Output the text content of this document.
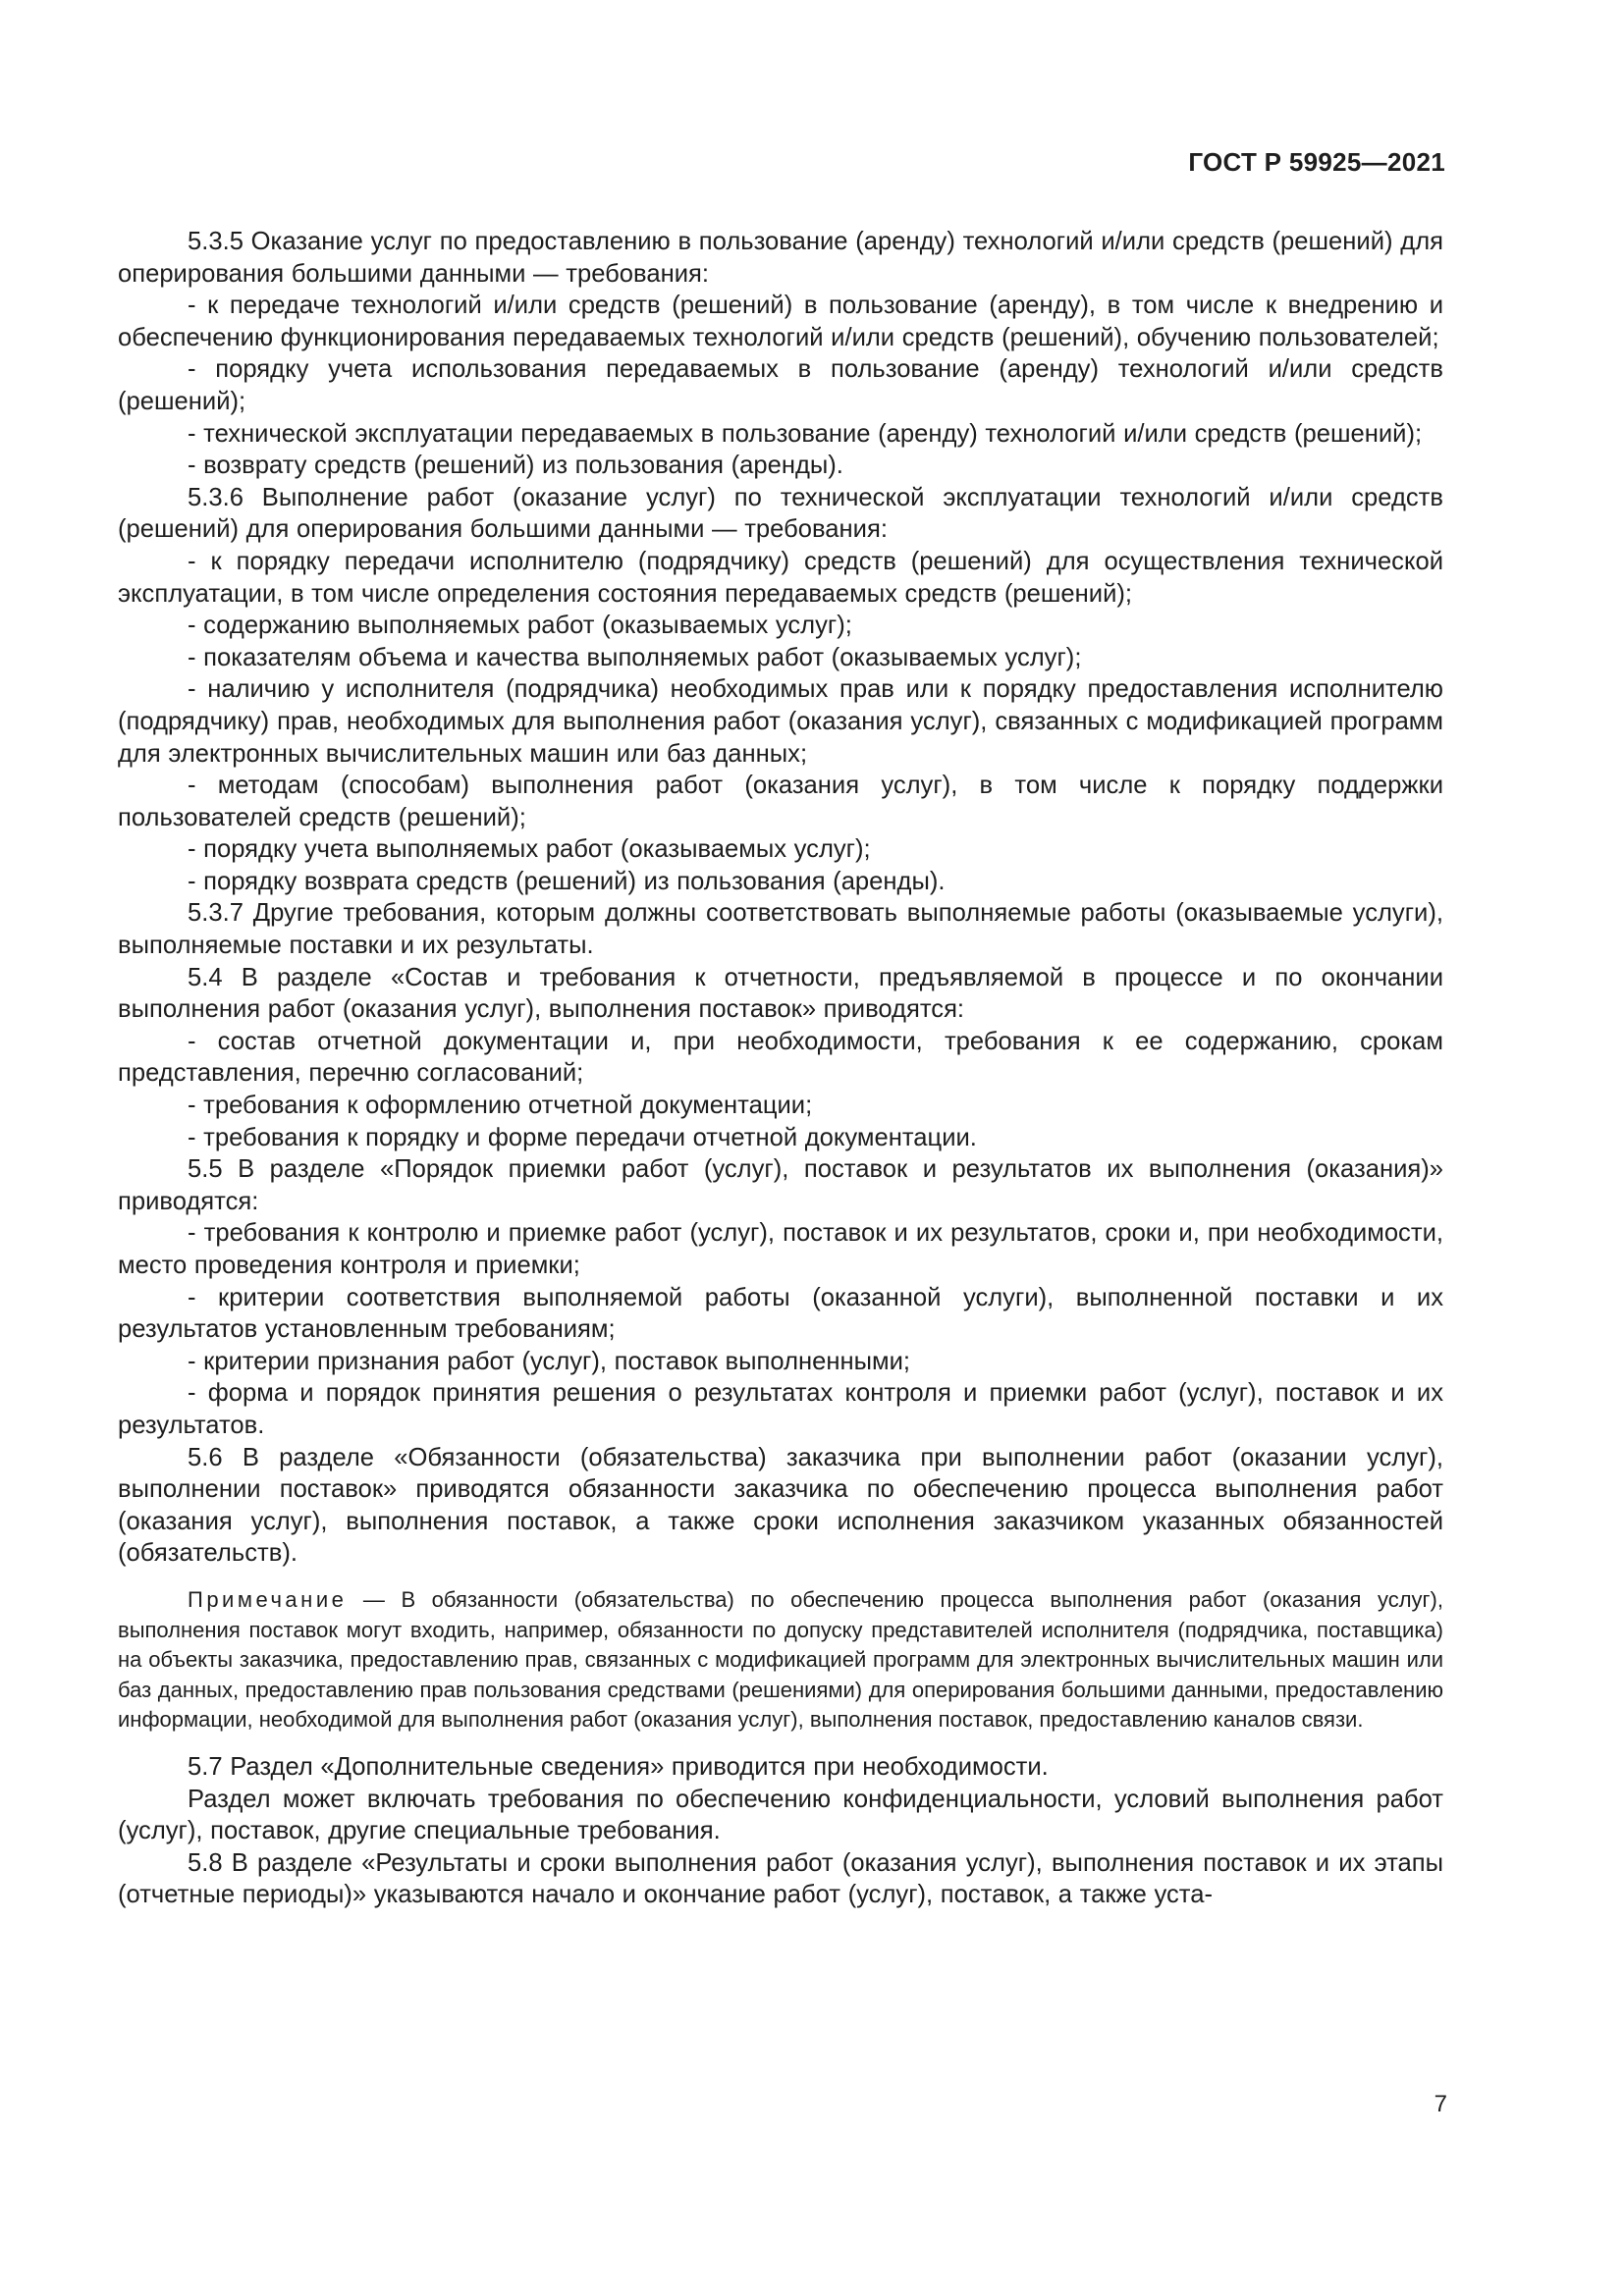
ГОСТ Р 59925—2021

5.3.5 Оказание услуг по предоставлению в пользование (аренду) технологий и/или средств (решений) для оперирования большими данными — требования:

- к передаче технологий и/или средств (решений) в пользование (аренду), в том числе к внедрению и обеспечению функционирования передаваемых технологий и/или средств (решений), обучению пользователей;

- порядку учета использования передаваемых в пользование (аренду) технологий и/или средств (решений);

- технической эксплуатации передаваемых в пользование (аренду) технологий и/или средств (решений);

- возврату средств (решений) из пользования (аренды).

5.3.6 Выполнение работ (оказание услуг) по технической эксплуатации технологий и/или средств (решений) для оперирования большими данными — требования:

- к порядку передачи исполнителю (подрядчику) средств (решений) для осуществления технической эксплуатации, в том числе определения состояния передаваемых средств (решений);

- содержанию выполняемых работ (оказываемых услуг);

- показателям объема и качества выполняемых работ (оказываемых услуг);

- наличию у исполнителя (подрядчика) необходимых прав или к порядку предоставления исполнителю (подрядчику) прав, необходимых для выполнения работ (оказания услуг), связанных с модификацией программ для электронных вычислительных машин или баз данных;

- методам (способам) выполнения работ (оказания услуг), в том числе к порядку поддержки пользователей средств (решений);

- порядку учета выполняемых работ (оказываемых услуг);

- порядку возврата средств (решений) из пользования (аренды).

5.3.7 Другие требования, которым должны соответствовать выполняемые работы (оказываемые услуги), выполняемые поставки и их результаты.

5.4 В разделе «Состав и требования к отчетности, предъявляемой в процессе и по окончании выполнения работ (оказания услуг), выполнения поставок» приводятся:

- состав отчетной документации и, при необходимости, требования к ее содержанию, срокам представления, перечню согласований;

- требования к оформлению отчетной документации;

- требования к порядку и форме передачи отчетной документации.

5.5 В разделе «Порядок приемки работ (услуг), поставок и результатов их выполнения (оказания)» приводятся:

- требования к контролю и приемке работ (услуг), поставок и их результатов, сроки и, при необходимости, место проведения контроля и приемки;

- критерии соответствия выполняемой работы (оказанной услуги), выполненной поставки и их результатов установленным требованиям;

- критерии признания работ (услуг), поставок выполненными;

- форма и порядок принятия решения о результатах контроля и приемки работ (услуг), поставок и их результатов.

5.6 В разделе «Обязанности (обязательства) заказчика при выполнении работ (оказании услуг), выполнении поставок» приводятся обязанности заказчика по обеспечению процесса выполнения работ (оказания услуг), выполнения поставок, а также сроки исполнения заказчиком указанных обязанностей (обязательств).

Примечание — В обязанности (обязательства) по обеспечению процесса выполнения работ (оказания услуг), выполнения поставок могут входить, например, обязанности по допуску представителей исполнителя (подрядчика, поставщика) на объекты заказчика, предоставлению прав, связанных с модификацией программ для электронных вычислительных машин или баз данных, предоставлению прав пользования средствами (решениями) для оперирования большими данными, предоставлению информации, необходимой для выполнения работ (оказания услуг), выполнения поставок, предоставлению каналов связи.

5.7 Раздел «Дополнительные сведения» приводится при необходимости.

Раздел может включать требования по обеспечению конфиденциальности, условий выполнения работ (услуг), поставок, другие специальные требования.

5.8 В разделе «Результаты и сроки выполнения работ (оказания услуг), выполнения поставок и их этапы (отчетные периоды)» указываются начало и окончание работ (услуг), поставок, а также уста-

7
